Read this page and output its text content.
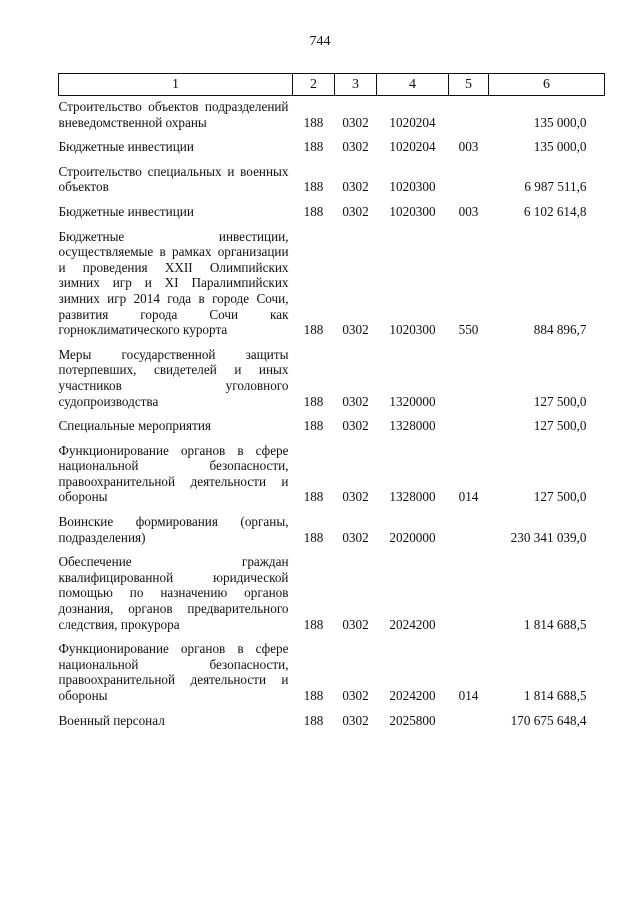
744
1	2	3	4	5	6
Строительство объектов подразделений вневедомственной охраны	188	0302	1020204		135 000,0
Бюджетные инвестиции	188	0302	1020204	003	135 000,0
Строительство специальных и военных объектов	188	0302	1020300		6 987 511,6
Бюджетные инвестиции	188	0302	1020300	003	6 102 614,8
Бюджетные инвестиции, осуществляемые в рамках организации и проведения XXII Олимпийских зимних игр и XI Паралимпийских зимних игр 2014 года в городе Сочи, развития города Сочи как горноклиматического курорта	188	0302	1020300	550	884 896,7
Меры государственной защиты потерпевших, свидетелей и иных участников уголовного судопроизводства	188	0302	1320000		127 500,0
Специальные мероприятия	188	0302	1328000		127 500,0
Функционирование органов в сфере национальной безопасности, правоохранительной деятельности и обороны	188	0302	1328000	014	127 500,0
Воинские формирования (органы, подразделения)	188	0302	2020000		230 341 039,0
Обеспечение граждан квалифицированной юридической помощью по назначению органов дознания, органов предварительного следствия, прокурора	188	0302	2024200		1 814 688,5
Функционирование органов в сфере национальной безопасности, правоохранительной деятельности и обороны	188	0302	2024200	014	1 814 688,5
Военный персонал	188	0302	2025800		170 675 648,4
